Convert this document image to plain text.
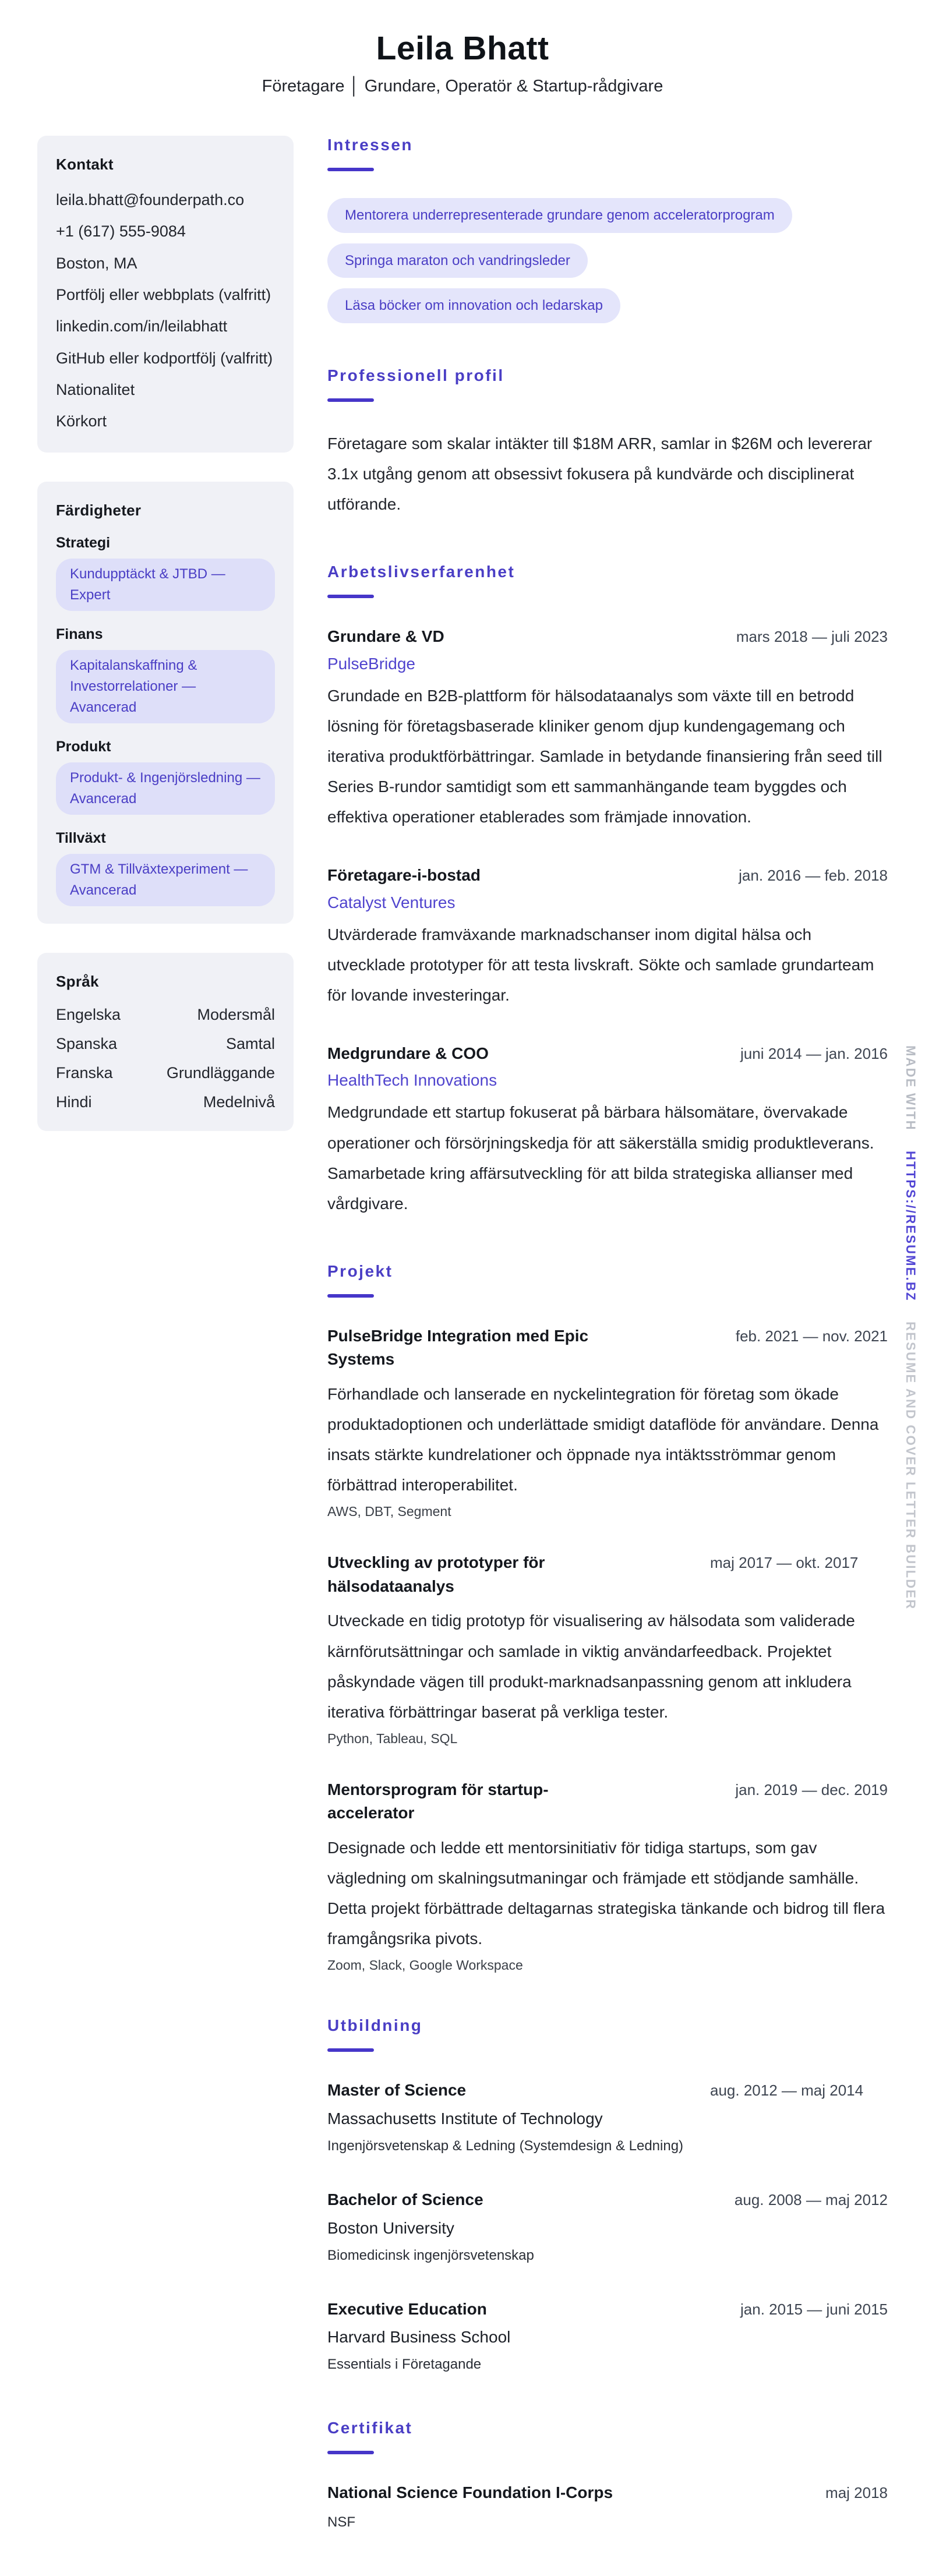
Leila Bhatt
Företagare │ Grundare, Operatör & Startup-rådgivare
Kontakt
leila.bhatt@founderpath.co
+1 (617) 555-9084
Boston, MA
Portfölj eller webbplats (valfritt)
linkedin.com/in/leilabhatt
GitHub eller kodportfölj (valfritt)
Nationalitet
Körkort
Färdigheter
Strategi
Kundupptäckt & JTBD — Expert
Finans
Kapitalanskaffning & Investorrelationer — Avancerad
Produkt
Produkt- & Ingenjörsledning — Avancerad
Tillväxt
GTM & Tillväxtexperiment — Avancerad
Språk
Engelska	Modersmål
Spanska	Samtal
Franska	Grundläggande
Hindi	Medelnivå
Intressen
Mentorera underrepresenterade grundare genom acceleratorprogram
Springa maraton och vandringsleder
Läsa böcker om innovation och ledarskap
Professionell profil
Företagare som skalar intäkter till $18M ARR, samlar in $26M och levererar 3.1x utgång genom att obsessivt fokusera på kundvärde och disciplinerat utförande.
Arbetslivserfarenhet
Grundare & VD	mars 2018 — juli 2023
PulseBridge
Grundade en B2B-plattform för hälsodataanalys som växte till en betrodd lösning för företagsbaserade kliniker genom djup kundengagemang och iterativa produktförbättringar. Samlade in betydande finansiering från seed till Series B-rundor samtidigt som ett sammanhängande team byggdes och effektiva operationer etablerades som främjade innovation.
Företagare-i-bostad	jan. 2016 — feb. 2018
Catalyst Ventures
Utvärderade framväxande marknadschanser inom digital hälsa och utvecklade prototyper för att testa livskraft. Sökte och samlade grundarteam för lovande investeringar.
Medgrundare & COO	juni 2014 — jan. 2016
HealthTech Innovations
Medgrundade ett startup fokuserat på bärbara hälsomätare, övervakade operationer och försörjningskedja för att säkerställa smidig produktleverans. Samarbetade kring affärsutveckling för att bilda strategiska allianser med vårdgivare.
Projekt
PulseBridge Integration med Epic Systems
feb. 2021 — nov. 2021
Förhandlade och lanserade en nyckelintegration för företag som ökade produktadoptionen och underlättade smidigt dataflöde för användare. Denna insats stärkte kundrelationer och öppnade nya intäktsströmmar genom förbättrad interoperabilitet.
AWS, DBT, Segment
Utveckling av prototyper för hälsodataanalys
maj 2017 — okt. 2017
Utveckade en tidig prototyp för visualisering av hälsodata som validerade kärnförutsättningar och samlade in viktig användarfeedback. Projektet påskyndade vägen till produkt-marknadsanpassning genom att inkludera iterativa förbättringar baserat på verkliga tester.
Python, Tableau, SQL
Mentorsprogram för startup-accelerator
jan. 2019 — dec. 2019
Designade och ledde ett mentorsinitiativ för tidiga startups, som gav vägledning om skalningsutmaningar och främjade ett stödjande samhälle. Detta projekt förbättrade deltagarnas strategiska tänkande och bidrog till flera framgångsrika pivots.
Zoom, Slack, Google Workspace
Utbildning
Master of Science	aug. 2012 — maj 2014
Massachusetts Institute of Technology
Ingenjörsvetenskap & Ledning (Systemdesign & Ledning)
Bachelor of Science	aug. 2008 — maj 2012
Boston University
Biomedicinsk ingenjörsvetenskap
Executive Education	jan. 2015 — juni 2015
Harvard Business School
Essentials i Företagande
Certifikat
National Science Foundation I-Corps	maj 2018
NSF
MADE WITH HTTPS://RESUME.BZ RESUME AND COVER LETTER BUILDER
